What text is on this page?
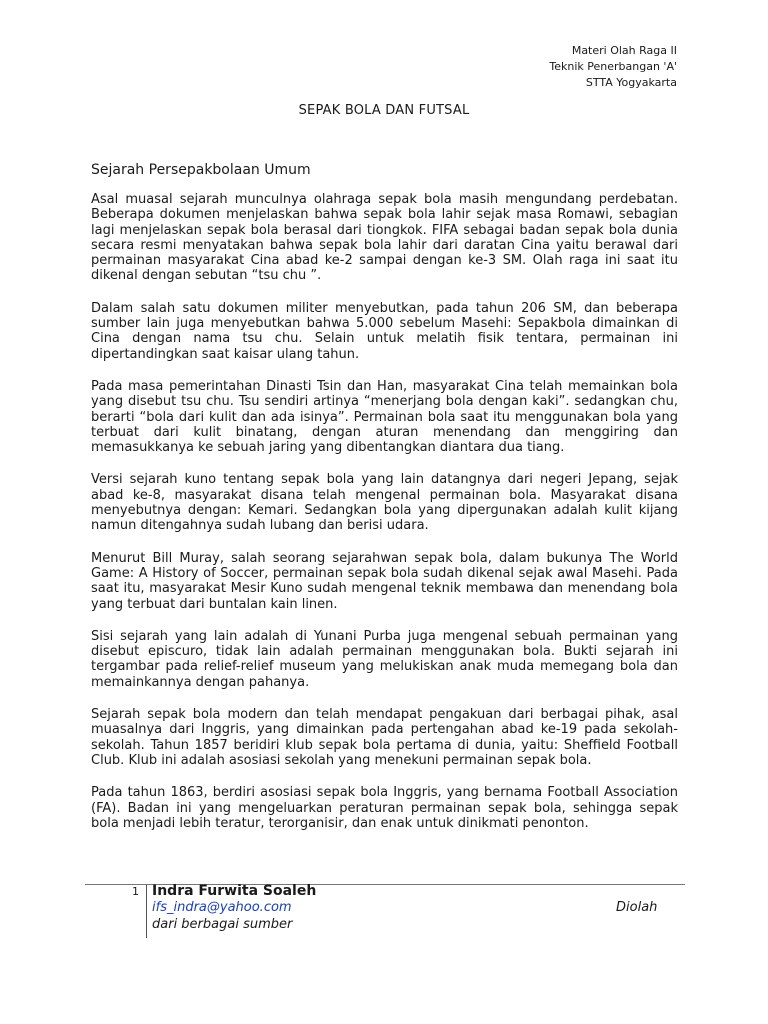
Materi Olah Raga II
Teknik Penerbangan 'A'
STTA Yogyakarta
SEPAK BOLA DAN FUTSAL
Sejarah Persepakbolaan Umum

Asal muasal sejarah munculnya olahraga sepak bola masih mengundang perdebatan. Beberapa dokumen menjelaskan bahwa sepak bola lahir sejak masa Romawi, sebagian lagi menjelaskan sepak bola berasal dari tiongkok. FIFA sebagai badan sepak bola dunia secara resmi menyatakan bahwa sepak bola lahir dari daratan Cina yaitu berawal dari permainan masyarakat Cina abad ke-2 sampai dengan ke-3 SM. Olah raga ini saat itu dikenal dengan sebutan “tsu chu ”.

Dalam salah satu dokumen militer menyebutkan, pada tahun 206 SM, dan beberapa sumber lain juga menyebutkan bahwa 5.000 sebelum Masehi: Sepakbola dimainkan di Cina dengan nama tsu chu. Selain untuk melatih fisik tentara, permainan ini dipertandingkan saat kaisar ulang tahun.

Pada masa pemerintahan Dinasti Tsin dan Han, masyarakat Cina telah memainkan bola yang disebut tsu chu. Tsu sendiri artinya “menerjang bola dengan kaki”. sedangkan chu, berarti “bola dari kulit dan ada isinya”. Permainan bola saat itu menggunakan bola yang terbuat dari kulit binatang, dengan aturan menendang dan menggiring dan memasukkanya ke sebuah jaring yang dibentangkan diantara dua tiang.

Versi sejarah kuno tentang sepak bola yang lain datangnya dari negeri Jepang, sejak abad ke-8, masyarakat disana telah mengenal permainan bola. Masyarakat disana menyebutnya dengan: Kemari. Sedangkan bola yang dipergunakan adalah kulit kijang namun ditengahnya sudah lubang dan berisi udara.

Menurut Bill Muray, salah seorang sejarahwan sepak bola, dalam bukunya The World Game: A History of Soccer, permainan sepak bola sudah dikenal sejak awal Masehi. Pada saat itu, masyarakat Mesir Kuno sudah mengenal teknik membawa dan menendang bola yang terbuat dari buntalan kain linen.

Sisi sejarah yang lain adalah di Yunani Purba juga mengenal sebuah permainan yang disebut episcuro, tidak lain adalah permainan menggunakan bola. Bukti sejarah ini tergambar pada relief-relief museum yang melukiskan anak muda memegang bola dan memainkannya dengan pahanya.

Sejarah sepak bola modern dan telah mendapat pengakuan dari berbagai pihak, asal muasalnya dari Inggris, yang dimainkan pada pertengahan abad ke-19 pada sekolah-sekolah. Tahun 1857 beridiri klub sepak bola pertama di dunia, yaitu: Sheffield Football Club. Klub ini adalah asosiasi sekolah yang menekuni permainan sepak bola.

Pada tahun 1863, berdiri asosiasi sepak bola Inggris, yang bernama Football Association (FA). Badan ini yang mengeluarkan peraturan permainan sepak bola, sehingga sepak bola menjadi lebih teratur, terorganisir, dan enak untuk dinikmati penonton.

1 Indra Furwita Soaleh
ifs_indra@yahoo.com	Diolah
dari berbagai sumber
